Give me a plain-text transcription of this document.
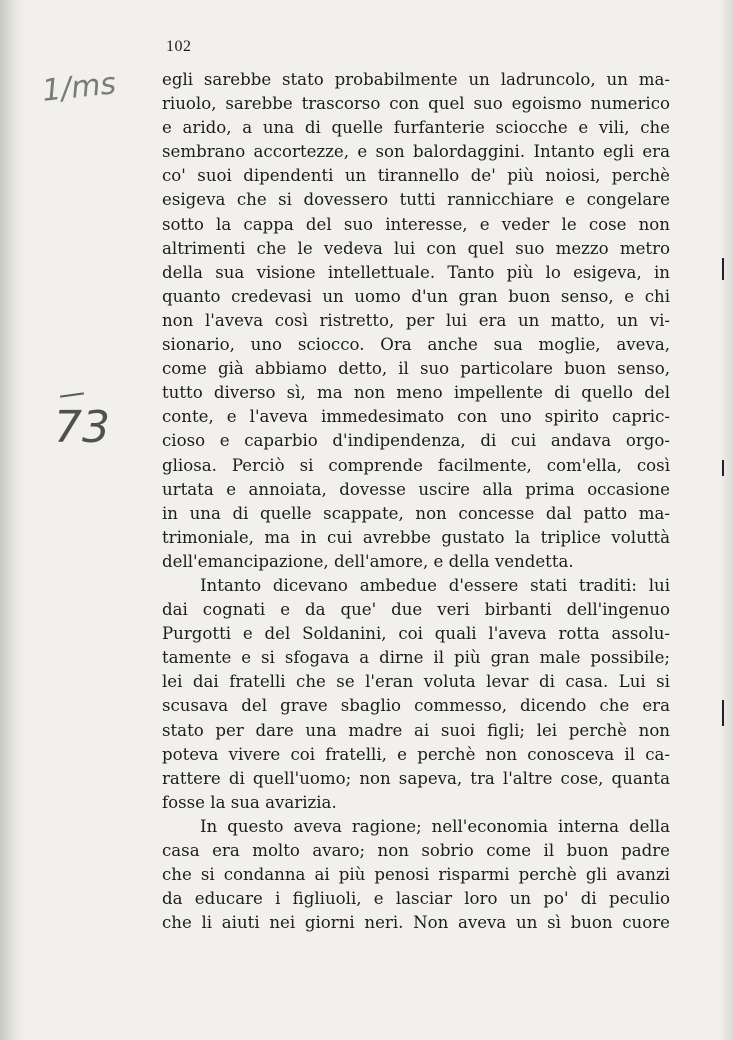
102
1/ms
73
egli sarebbe stato probabilmente un ladruncolo, un ma-
riuolo, sarebbe trascorso con quel suo egoismo numerico
e arido, a una di quelle furfanterie sciocche e vili, che
sembrano accortezze, e son balordaggini. Intanto egli era
co' suoi dipendenti un tirannello de' più noiosi, perchè
esigeva che si dovessero tutti rannicchiare e congelare
sotto la cappa del suo interesse, e veder le cose non
altrimenti che le vedeva lui con quel suo mezzo metro
della sua visione intellettuale. Tanto più lo esigeva, in
quanto credevasi un uomo d'un gran buon senso, e chi
non l'aveva così ristretto, per lui era un matto, un vi-
sionario, uno sciocco. Ora anche sua moglie, aveva,
come già abbiamo detto, il suo particolare buon senso,
tutto diverso sì, ma non meno impellente di quello del
conte, e l'aveva immedesimato con uno spirito capric-
cioso e caparbio d'indipendenza, di cui andava orgo-
gliosa. Perciò si comprende facilmente, com'ella, così
urtata e annoiata, dovesse uscire alla prima occasione
in una di quelle scappate, non concesse dal patto ma-
trimoniale, ma in cui avrebbe gustato la triplice voluttà
dell'emancipazione, dell'amore, e della vendetta.
Intanto dicevano ambedue d'essere stati traditi: lui
dai cognati e da que' due veri birbanti dell'ingenuo
Purgotti e del Soldanini, coi quali l'aveva rotta assolu-
tamente e si sfogava a dirne il più gran male possibile;
lei dai fratelli che se l'eran voluta levar di casa. Lui si
scusava del grave sbaglio commesso, dicendo che era
stato per dare una madre ai suoi figli; lei perchè non
poteva vivere coi fratelli, e perchè non conosceva il ca-
rattere di quell'uomo; non sapeva, tra l'altre cose, quanta
fosse la sua avarizia.
In questo aveva ragione; nell'economia interna della
casa era molto avaro; non sobrio come il buon padre
che si condanna ai più penosi risparmi perchè gli avanzi
da educare i figliuoli, e lasciar loro un po' di peculio
che li aiuti nei giorni neri. Non aveva un sì buon cuore
